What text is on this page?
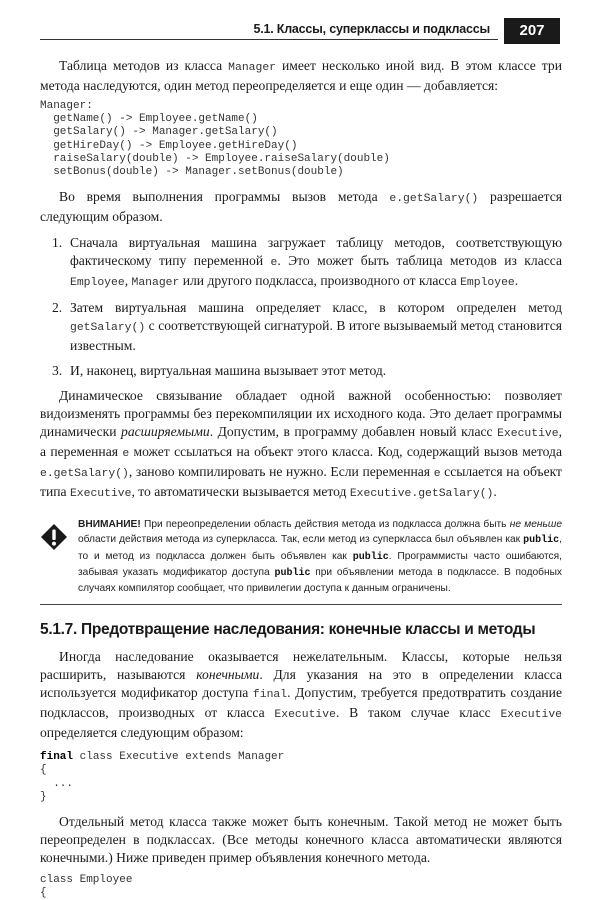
5.1. Классы, суперклассы и подклассы	207

Таблица методов из класса Manager имеет несколько иной вид. В этом классе три метода наследуются, один метод переопределяется и еще один — добавляется:

Manager:
getName() -> Employee.getName()
getSalary() -> Manager.getSalary()
getHireDay() -> Employee.getHireDay()
raiseSalary(double) -> Employee.raiseSalary(double)
setBonus(double) -> Manager.setBonus(double)

Во время выполнения программы вызов метода e.getSalary() разрешается следующим образом.

1. Сначала виртуальная машина загружает таблицу методов, соответствующую фактическому типу переменной e. Это может быть таблица методов из класса Employee, Manager или другого подкласса, производного от класса Employee.
2. Затем виртуальная машина определяет класс, в котором определен метод getSalary() с соответствующей сигнатурой. В итоге вызываемый метод становится известным.
3. И, наконец, виртуальная машина вызывает этот метод.

Динамическое связывание обладает одной важной особенностью: позволяет видоизменять программы без перекомпиляции их исходного кода. Это делает программы динамически расширяемыми. Допустим, в программу добавлен новый класс Executive, а переменная e может ссылаться на объект этого класса. Код, содержащий вызов метода e.getSalary(), заново компилировать не нужно. Если переменная e ссылается на объект типа Executive, то автоматически вызывается метод Executive.getSalary().

ВНИМАНИЕ! При переопределении область действия метода из подкласса должна быть не меньше области действия метода из суперкласса. Так, если метод из суперкласса был объявлен как public, то и метод из подкласса должен быть объявлен как public. Программисты часто ошибаются, забывая указать модификатор доступа public при объявлении метода в подклассе. В подобных случаях компилятор сообщает, что привилегии доступа к данным ограничены.
5.1.7. Предотвращение наследования: конечные классы и методы

Иногда наследование оказывается нежелательным. Классы, которые нельзя расширить, называются конечными. Для указания на это в определении класса используется модификатор доступа final. Допустим, требуется предотвратить создание подклассов, производных от класса Executive. В таком случае класс Executive определяется следующим образом:

final class Executive extends Manager
{
...
}

Отдельный метод класса также может быть конечным. Такой метод не может быть переопределен в подклассах. (Все методы конечного класса автоматически являются конечными.) Ниже приведен пример объявления конечного метода.

class Employee
{
